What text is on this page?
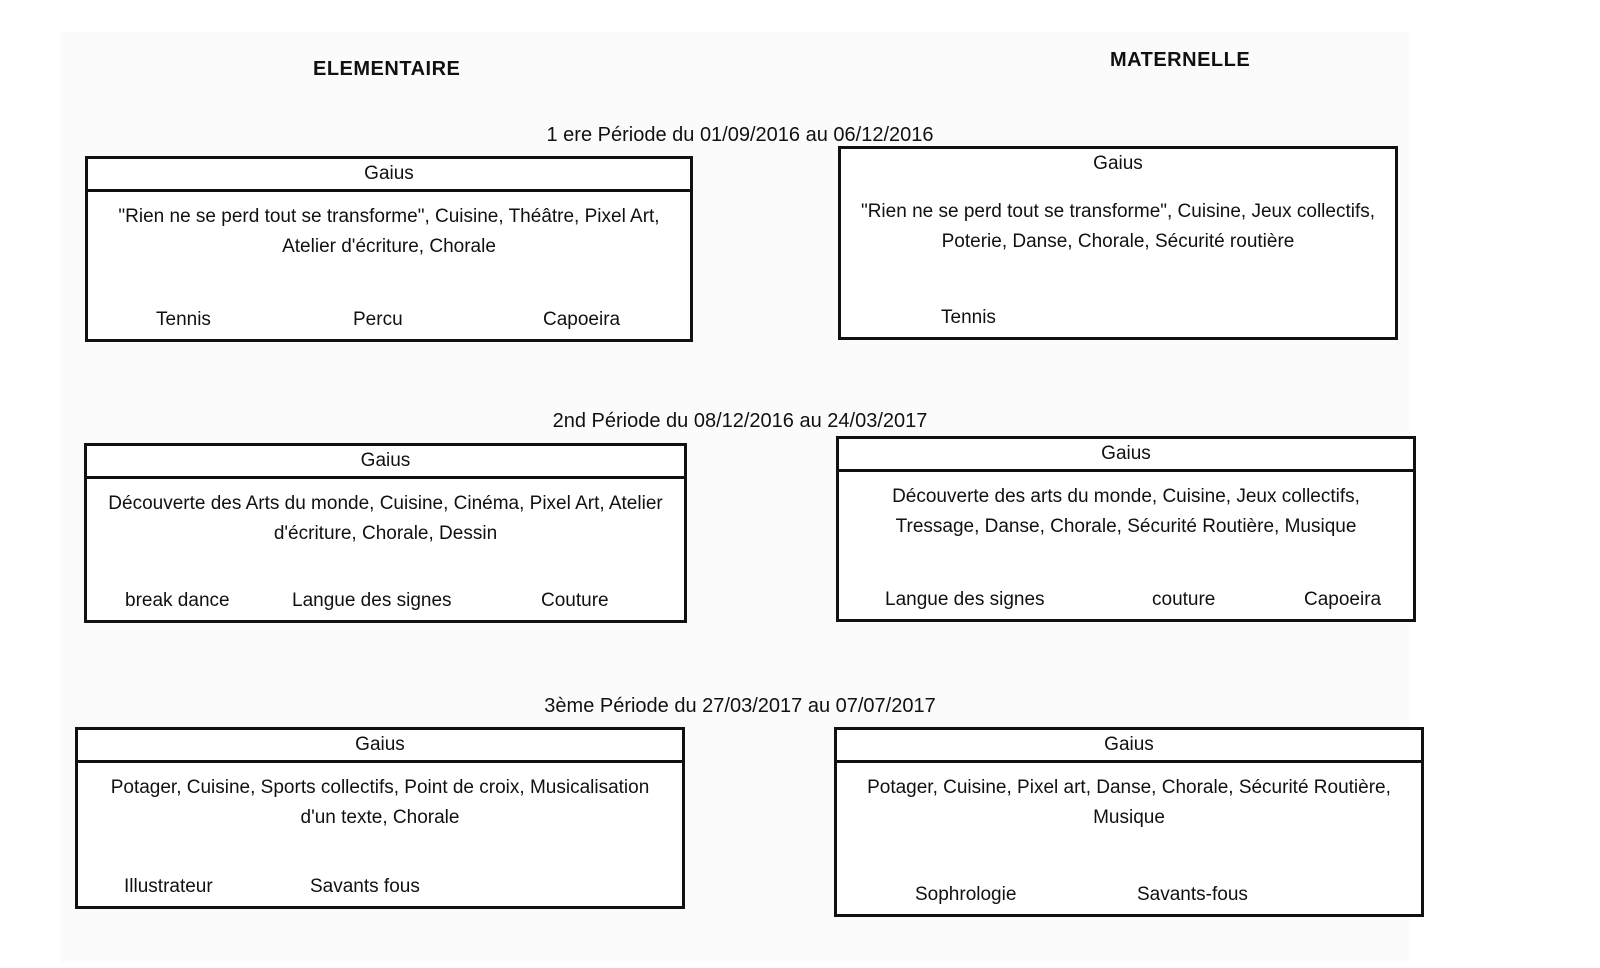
ELEMENTAIRE	MATERNELLE
1 ere Période du 01/09/2016 au 06/12/2016
Gaius
"Rien ne se perd tout se transforme", Cuisine, Théâtre, Pixel Art, Atelier d'écriture, Chorale
Tennis	Percu	Capoeira
Gaius
"Rien ne se perd tout se transforme", Cuisine, Jeux collectifs, Poterie, Danse, Chorale, Sécurité routière
Tennis
2nd Période du 08/12/2016 au 24/03/2017
Gaius
Découverte des Arts du monde, Cuisine, Cinéma, Pixel Art, Atelier d'écriture, Chorale, Dessin
break dance	Langue des signes	Couture
Gaius
Découverte des arts du monde, Cuisine, Jeux collectifs, Tressage, Danse, Chorale, Sécurité Routière, Musique
Langue des signes	couture	Capoeira
3ème Période du 27/03/2017 au 07/07/2017
Gaius
Potager, Cuisine, Sports collectifs, Point de croix, Musicalisation d'un texte, Chorale
Illustrateur	Savants fous
Gaius
Potager, Cuisine, Pixel art, Danse, Chorale, Sécurité Routière, Musique
Sophrologie	Savants-fous
